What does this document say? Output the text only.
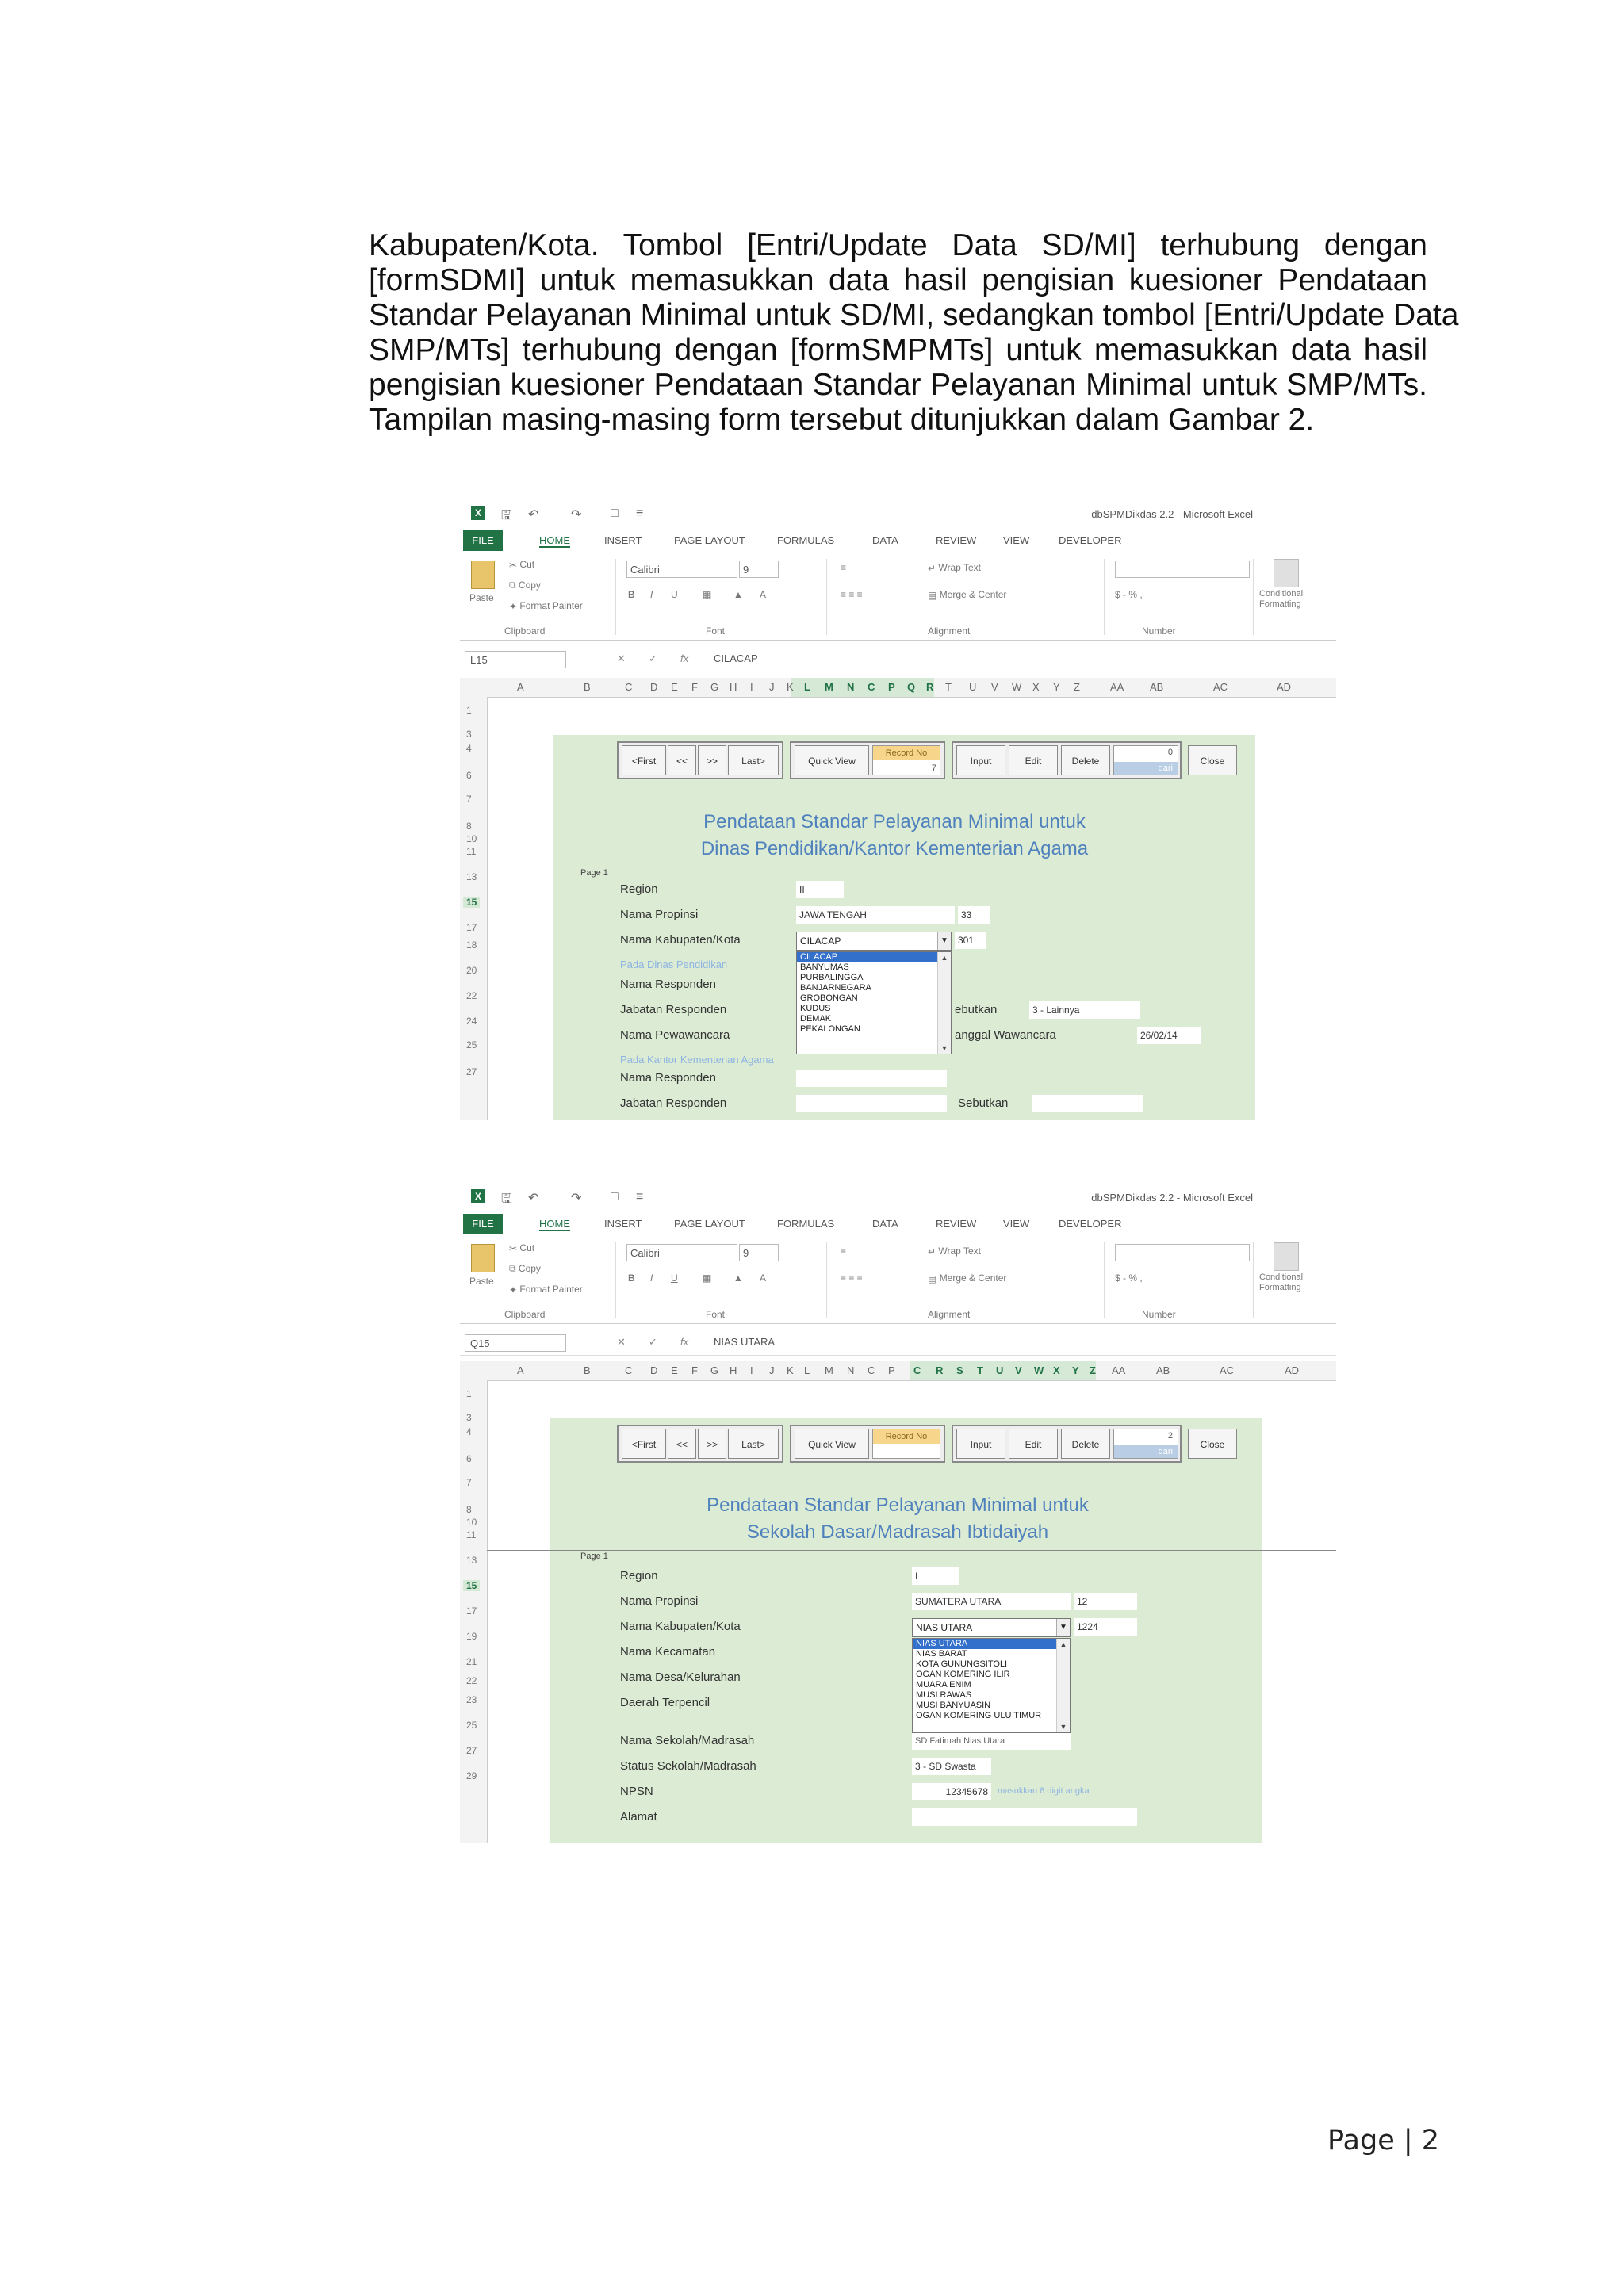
Kabupaten/Kota. Tombol [Entri/Update Data SD/MI] terhubung dengan
[formSDMI] untuk memasukkan data hasil pengisian kuesioner Pendataan
Standar Pelayanan Minimal untuk SD/MI, sedangkan tombol [Entri/Update Data
SMP/MTs] terhubung dengan [formSMPMTs] untuk memasukkan data hasil
pengisian kuesioner Pendataan Standar Pelayanan Minimal untuk SMP/MTs.
Tampilan masing-masing form tersebut ditunjukkan dalam Gambar 2.
X	🖫 ↶	↷ □ ≡	dbSPMDikdas 2.2 - Microsoft Excel
FILE	HOME	INSERT	PAGE LAYOUT	FORMULAS	DATA	REVIEW	VIEW	DEVELOPER
Paste
✂ Cut
⧉ Copy
✦ Format Painter
Clipboard
Calibri	9
B I U	▦ ▲ A
Font
≡
≡ ≡ ≡
↵ Wrap Text
▤ Merge & Center
Alignment
$ - % ,
Number
Conditional Formatting
L15	✕ ✓ fx CILACAP
A	B	C D E F G H I J K L M N C P Q R T U V W X Y Z	AA	AB	AC	AD
1
3
4
6
7
8
10
11
13
15
17
18
20
22
24
25
27
<First	<<	>>	Last>	Quick View
Record No
7
Input	Edit	Delete
0
dari
Close
Pendataan Standar Pelayanan Minimal untuk
Dinas Pendidikan/Kantor Kementerian Agama
Page 1
Region	II
Nama Propinsi	JAWA TENGAH	33
Nama Kabupaten/Kota	CILACAP	▼	301
Pada Dinas Pendidikan
Nama Responden
Jabatan Responden	ebutkan	3 - Lainnya
Nama Pewawancara	anggal Wawancara	26/02/14
Pada Kantor Kementerian Agama
Nama Responden
Jabatan Responden	Sebutkan
CILACAP
BANYUMAS
PURBALINGGA
BANJARNEGARA
GROBONGAN
KUDUS
DEMAK
PEKALONGAN
▲
▼
X	🖫 ↶	↷ □ ≡	dbSPMDikdas 2.2 - Microsoft Excel
FILE	HOME	INSERT	PAGE LAYOUT	FORMULAS	DATA	REVIEW	VIEW	DEVELOPER
Paste
✂ Cut
⧉ Copy
✦ Format Painter
Clipboard
Calibri	9
B I U	▦ ▲ A
Font
≡
≡ ≡ ≡
↵ Wrap Text
▤ Merge & Center
Alignment
$ - % ,
Number
Conditional Formatting
Q15	✕ ✓ fx NIAS UTARA
A	B	C D E F G H I J K L M N C P C R S T U V W X Y Z AA	AB	AC	AD
1
3
4
6
7
8
10
11
13
15
17
19
21
22
23
25
27
29
<First	<<	>>	Last>	Quick View
Record No
Input	Edit	Delete
2
dari
Close
Pendataan Standar Pelayanan Minimal untuk
Sekolah Dasar/Madrasah Ibtidaiyah
Page 1
Region	I
Nama Propinsi	SUMATERA UTARA	12
Nama Kabupaten/Kota	NIAS UTARA	▼	1224
Nama Kecamatan
Nama Desa/Kelurahan
Daerah Terpencil
Nama Sekolah/Madrasah	SD Fatimah Nias Utara
Status Sekolah/Madrasah	3 - SD Swasta
NPSN	12345678	masukkan 8 digit angka
Alamat
NIAS UTARA
NIAS BARAT
KOTA GUNUNGSITOLI
OGAN KOMERING ILIR
MUARA ENIM
MUSI RAWAS
MUSI BANYUASIN
OGAN KOMERING ULU TIMUR
▲
▼
Page | 2
